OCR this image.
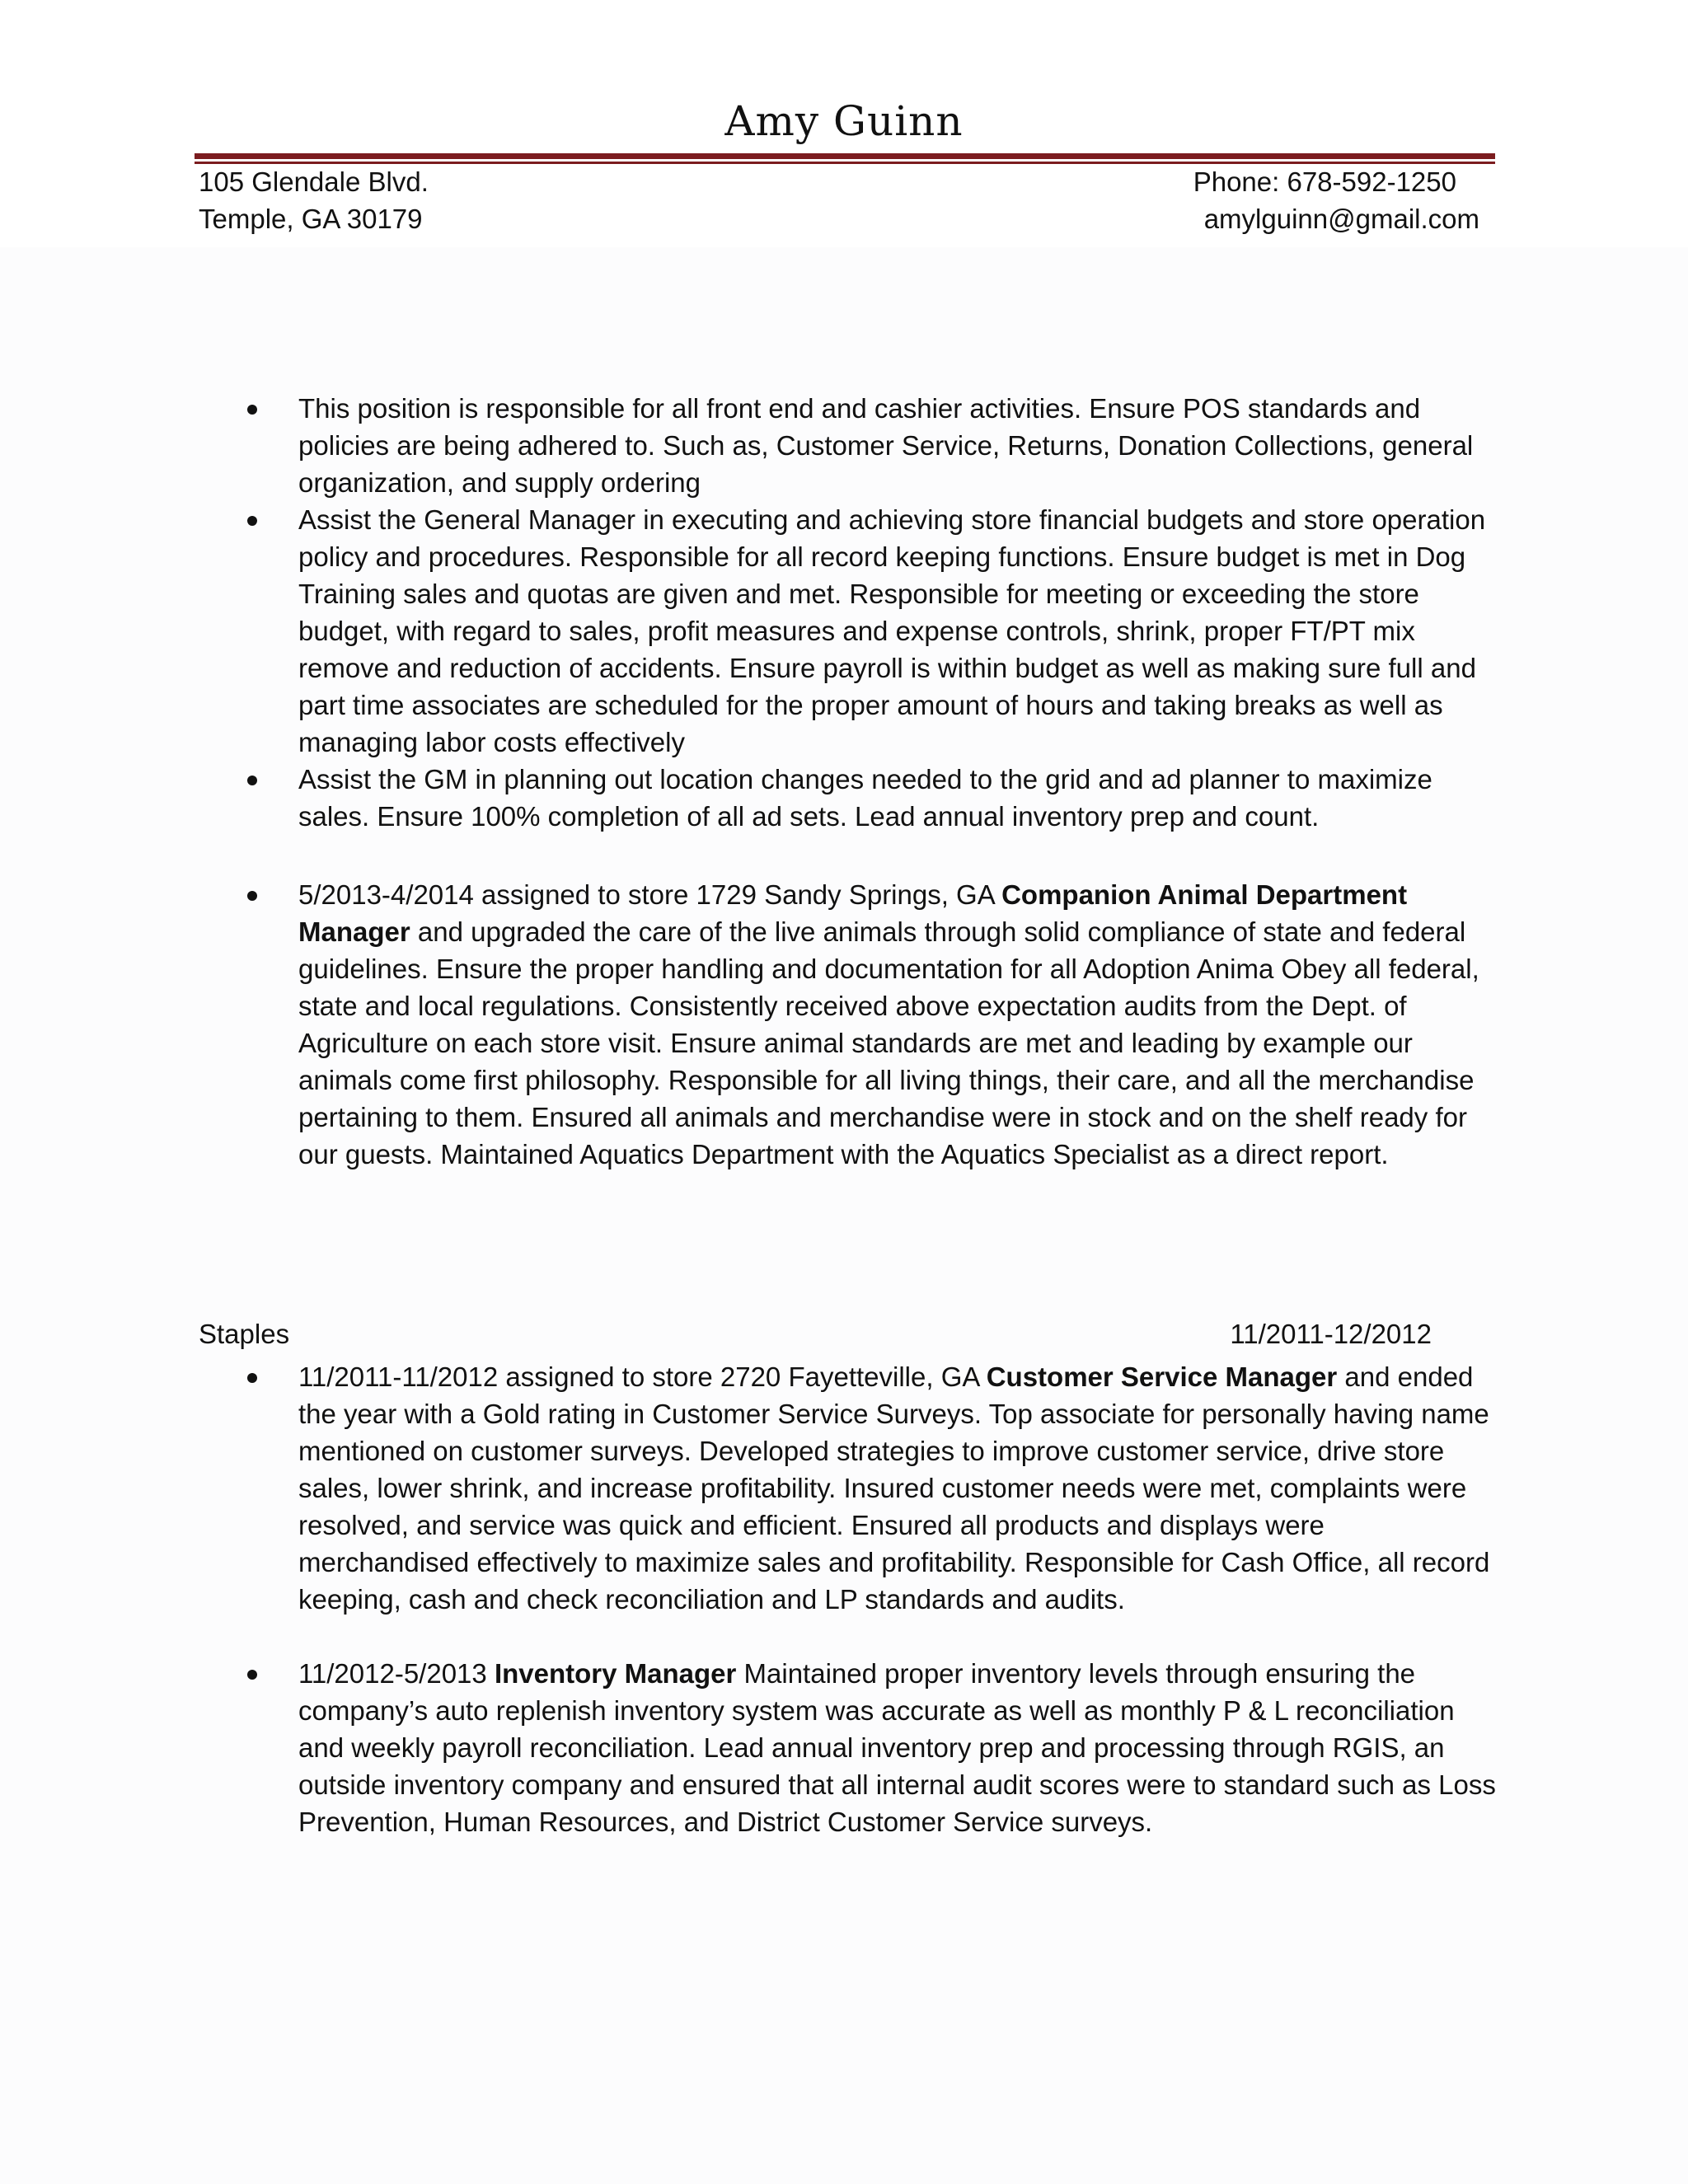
Amy Guinn
105 Glendale Blvd.
Temple, GA 30179
Phone: 678-592-1250
amylguinn@gmail.com
This position is responsible for all front end and cashier activities. Ensure POS standards and policies are being adhered to. Such as, Customer Service, Returns, Donation Collections, general organization, and supply ordering
Assist the General Manager in executing and achieving store financial budgets and store operation policy and procedures. Responsible for all record keeping functions. Ensure budget is met in Dog Training sales and quotas are given and met. Responsible for meeting or exceeding the store budget, with regard to sales, profit measures and expense controls, shrink, proper FT/PT mix remove and reduction of accidents. Ensure payroll is within budget as well as making sure full and part time associates are scheduled for the proper amount of hours and taking breaks as well as managing labor costs effectively
Assist the GM in planning out location changes needed to the grid and ad planner to maximize sales. Ensure 100% completion of all ad sets. Lead annual inventory prep and count.
5/2013-4/2014 assigned to store 1729 Sandy Springs, GA Companion Animal Department Manager and upgraded the care of the live animals through solid compliance of state and federal guidelines. Ensure the proper handling and documentation for all Adoption Anima Obey all federal, state and local regulations. Consistently received above expectation audits from the Dept. of Agriculture on each store visit. Ensure animal standards are met and leading by example our animals come first philosophy. Responsible for all living things, their care, and all the merchandise pertaining to them. Ensured all animals and merchandise were in stock and on the shelf ready for our guests. Maintained Aquatics Department with the Aquatics Specialist as a direct report.
Staples	11/2011-12/2012
11/2011-11/2012 assigned to store 2720 Fayetteville, GA Customer Service Manager and ended the year with a Gold rating in Customer Service Surveys. Top associate for personally having name mentioned on customer surveys. Developed strategies to improve customer service, drive store sales, lower shrink, and increase profitability. Insured customer needs were met, complaints were resolved, and service was quick and efficient. Ensured all products and displays were merchandised effectively to maximize sales and profitability. Responsible for Cash Office, all record keeping, cash and check reconciliation and LP standards and audits.
11/2012-5/2013 Inventory Manager Maintained proper inventory levels through ensuring the company’s auto replenish inventory system was accurate as well as monthly P & L reconciliation and weekly payroll reconciliation. Lead annual inventory prep and processing through RGIS, an outside inventory company and ensured that all internal audit scores were to standard such as Loss Prevention, Human Resources, and District Customer Service surveys.
